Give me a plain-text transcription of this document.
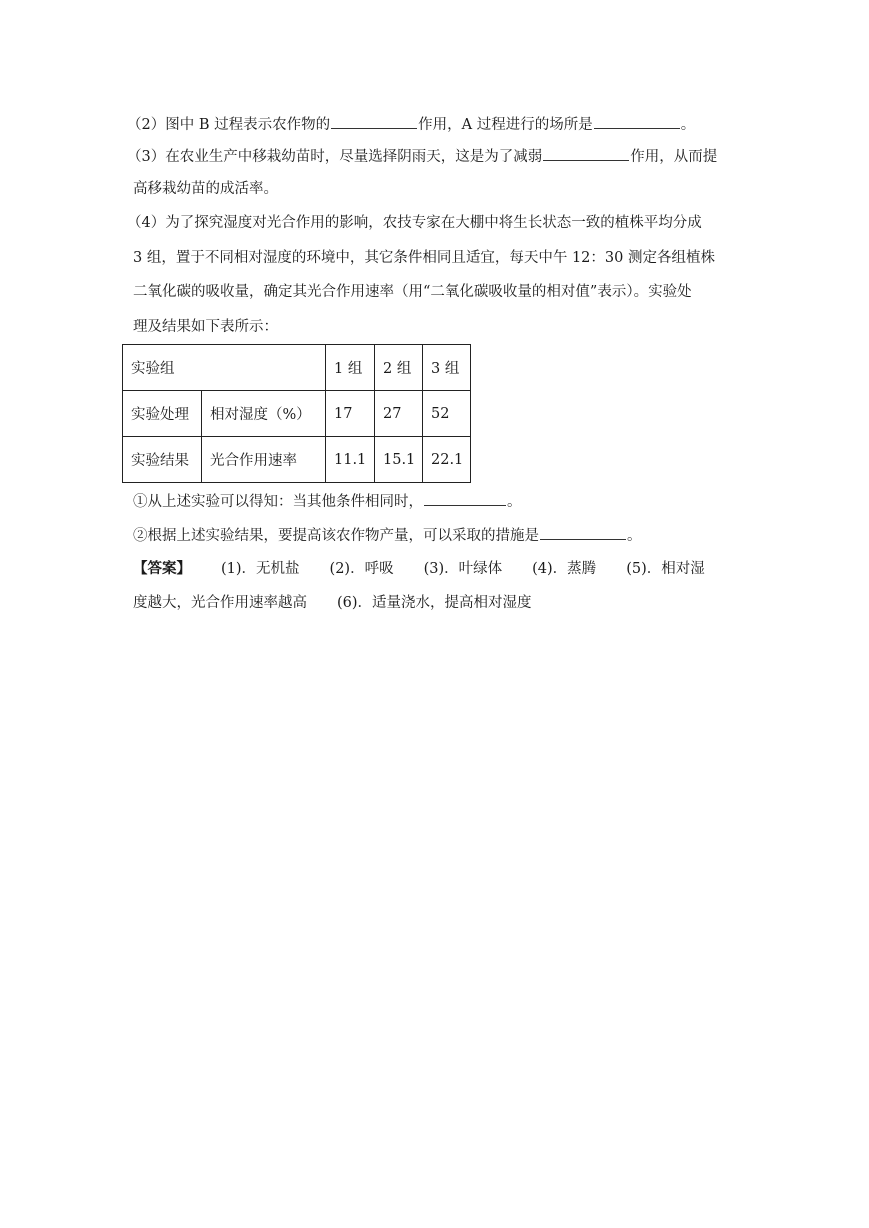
（2）图中 B 过程表示农作物的	作用，A 过程进行的场所是	。
（3）在农业生产中移栽幼苗时，尽量选择阴雨天，这是为了减弱	作用，从而提
高移栽幼苗的成活率。
（4）为了探究湿度对光合作用的影响，农技专家在大棚中将生长状态一致的植株平均分成
3 组，置于不同相对湿度的环境中，其它条件相同且适宜，每天中午 12：30 测定各组植株
二氧化碳的吸收量，确定其光合作用速率（用“二氧化碳吸收量的相对值”表示）。实验处
理及结果如下表所示：
实验组		1 组	2 组	3 组
实验处理	相对湿度（%）	17	27	52
实验结果	光合作用速率	11.1	15.1	22.1
①从上述实验可以得知：当其他条件相同时，	。
②根据上述实验结果，要提高该农作物产量，可以采取的措施是	。
【答案】 (1)．无机盐 (2)．呼吸 (3)．叶绿体 (4)．蒸腾 (5)．相对湿
度越大，光合作用速率越高 (6)．适量浇水，提高相对湿度
